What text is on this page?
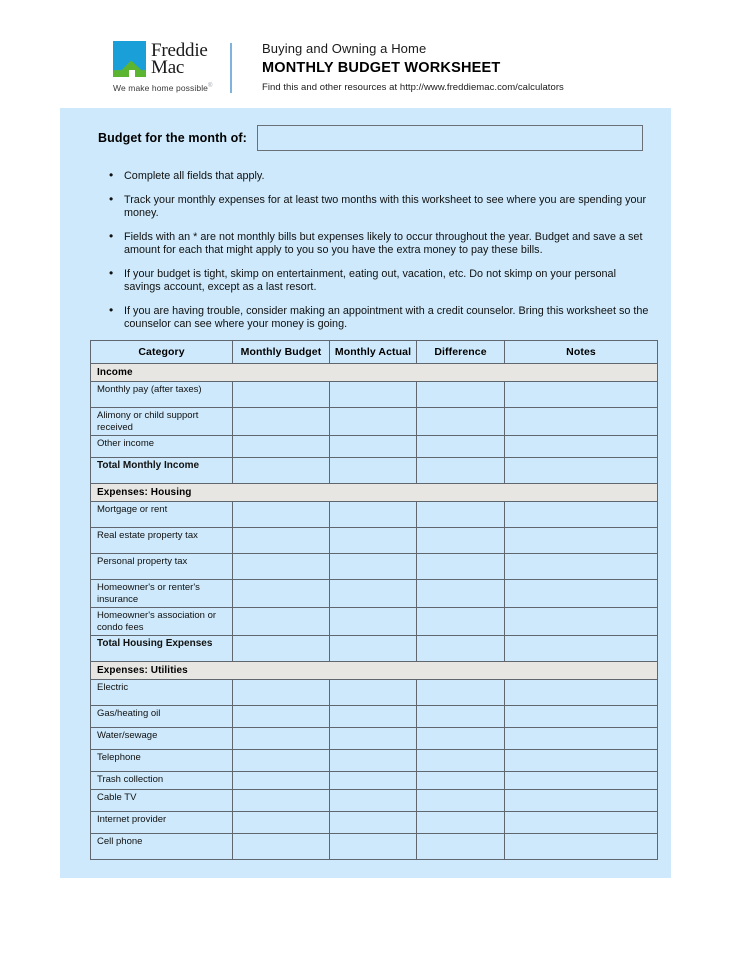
Freddie
Mac
We make home possible®
Buying and Owning a Home
MONTHLY BUDGET WORKSHEET
Find this and other resources at http://www.freddiemac.com/calculators
Budget for the month of:
• Complete all fields that apply.
• Track your monthly expenses for at least two months with this worksheet to see where you are spending your money.
• Fields with an * are not monthly bills but expenses likely to occur throughout the year. Budget and save a set amount for each that might apply to you so you have the extra money to pay these bills.
• If your budget is tight, skimp on entertainment, eating out, vacation, etc. Do not skimp on your personal savings account, except as a last resort.
• If you are having trouble, consider making an appointment with a credit counselor. Bring this worksheet so the counselor can see where your money is going.
Category	Monthly Budget	Monthly Actual	Difference	Notes
Income				
Monthly pay (after taxes)				
Alimony or child support received				
Other income				
Total Monthly Income				
Expenses: Housing				
Mortgage or rent				
Real estate property tax				
Personal property tax				
Homeowner's or renter's insurance				
Homeowner's association or condo fees				
Total Housing Expenses				
Expenses: Utilities				
Electric				
Gas/heating oil				
Water/sewage				
Telephone				
Trash collection				
Cable TV				
Internet provider				
Cell phone				
